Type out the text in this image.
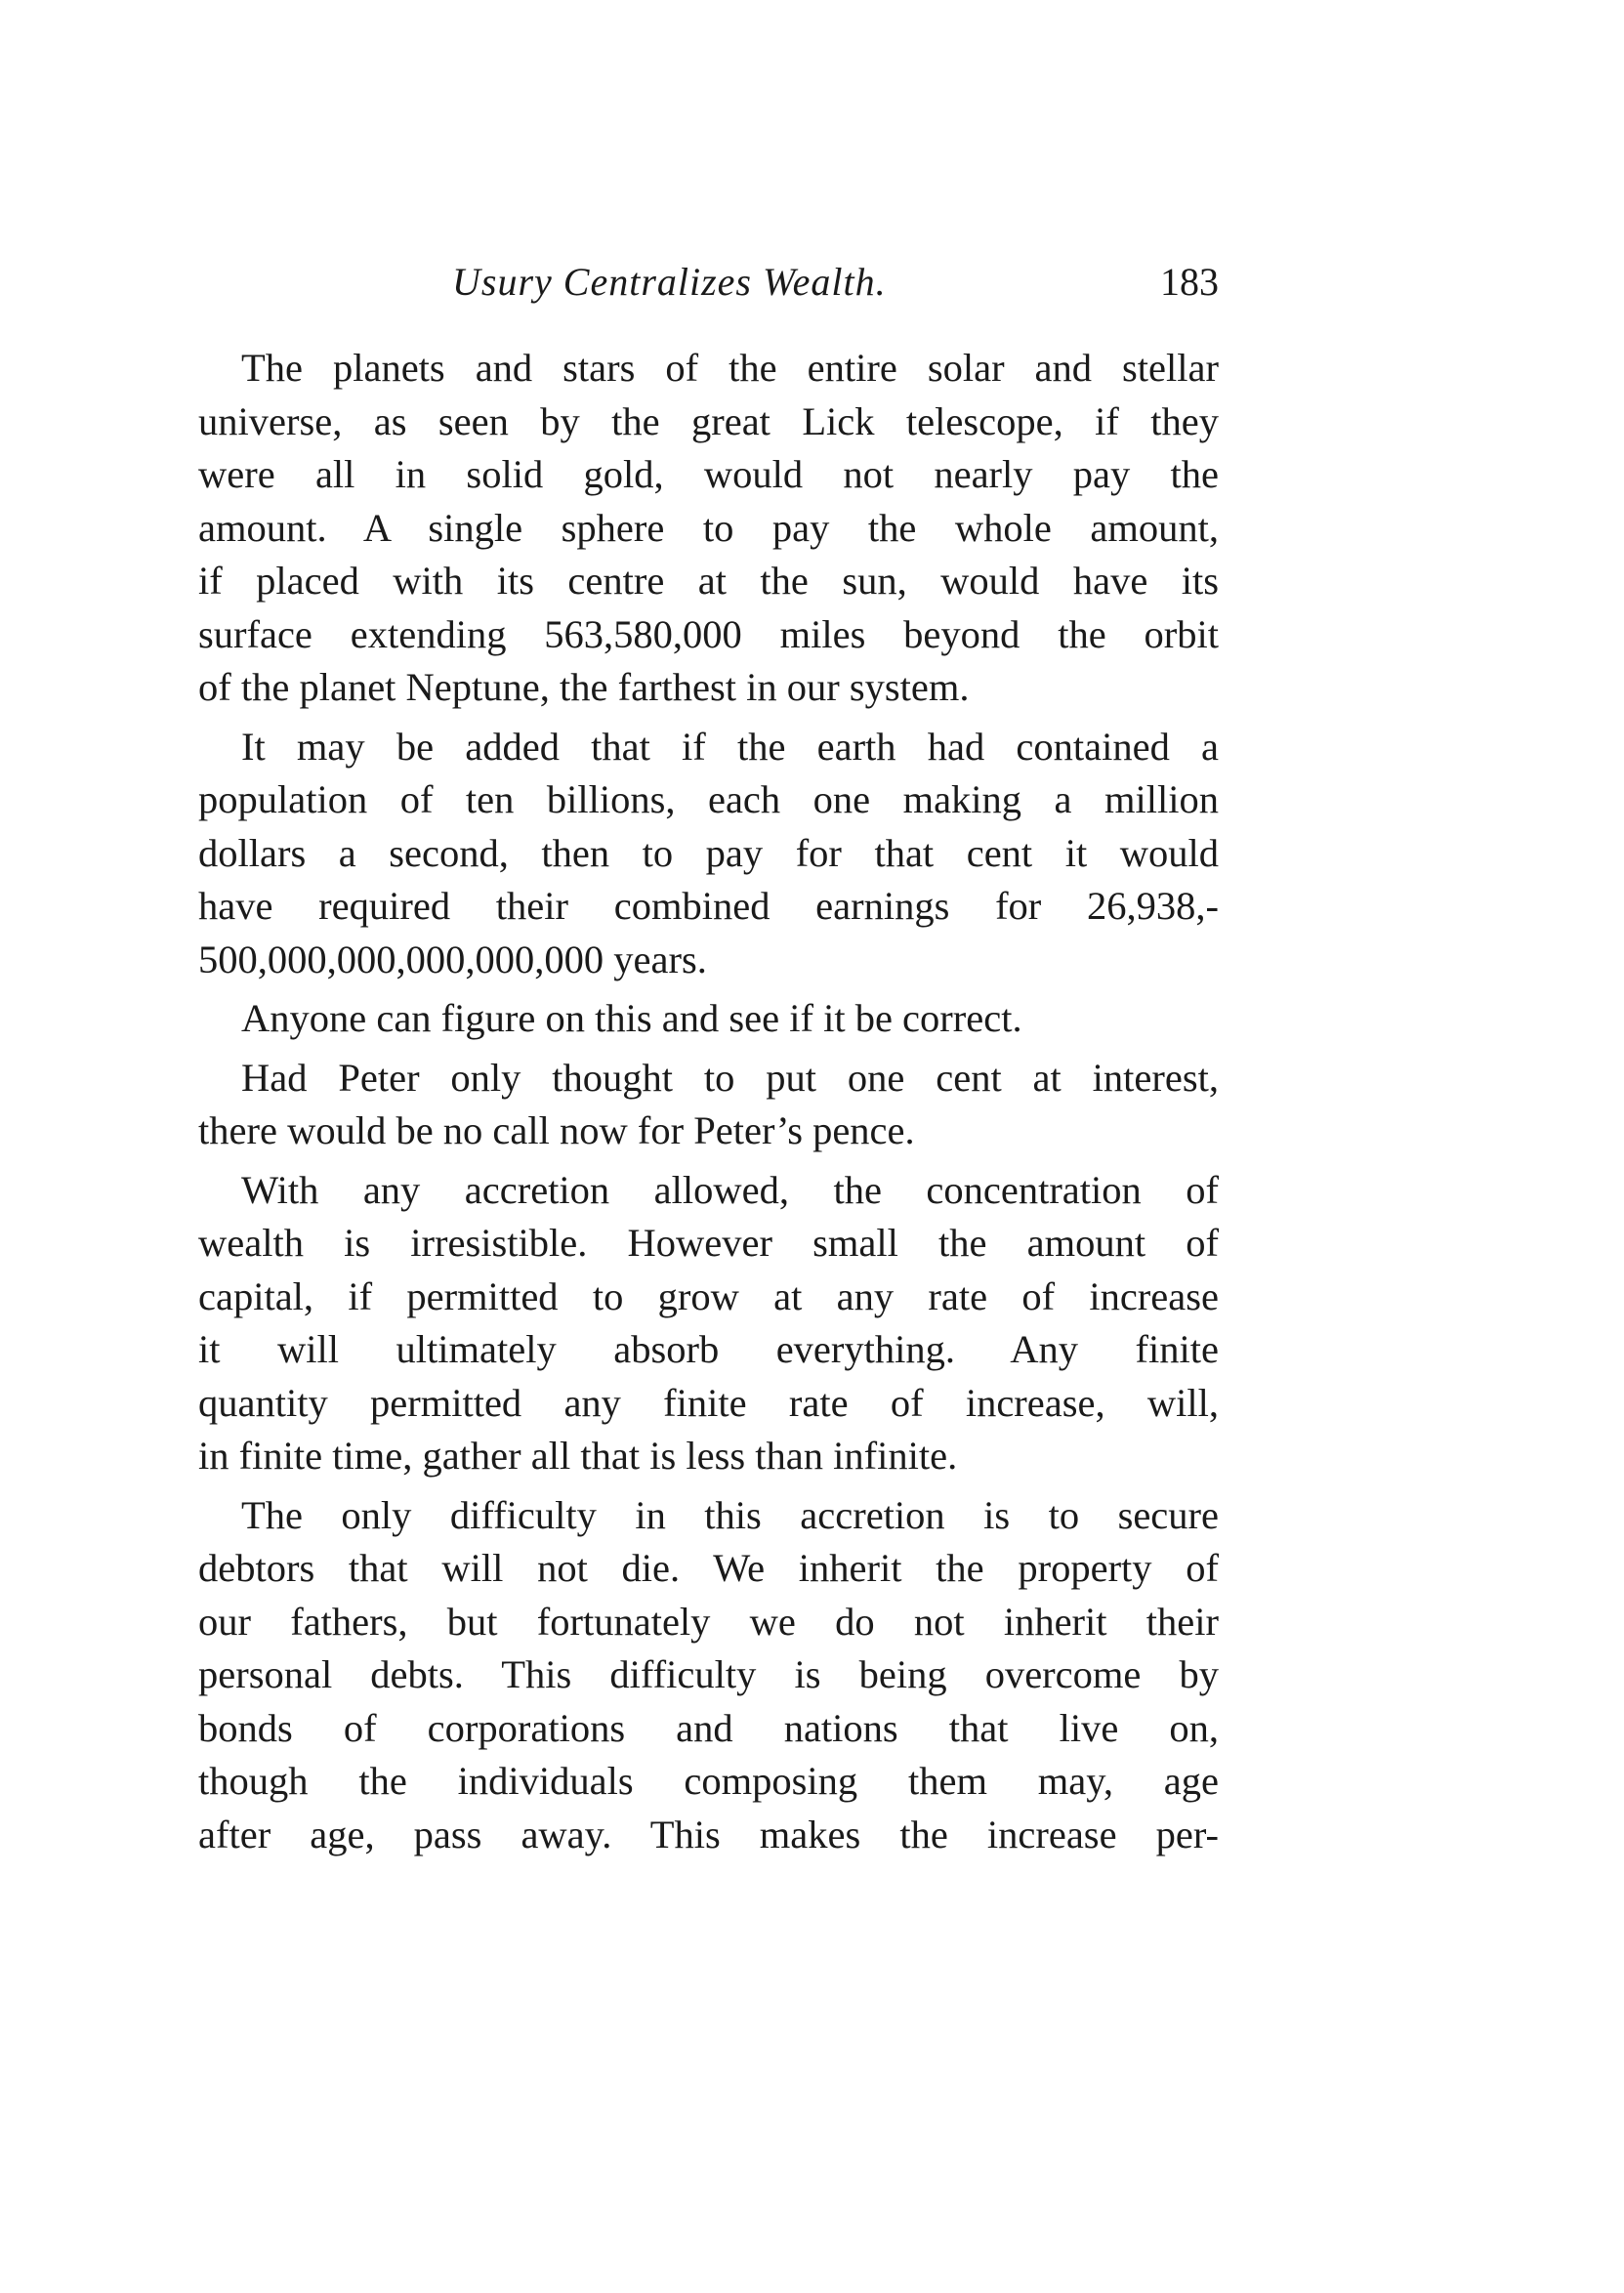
Usury Centralizes Wealth.	183
The planets and stars of the entire solar and stellar
universe, as seen by the great Lick telescope, if they
were all in solid gold, would not nearly pay the
amount. A single sphere to pay the whole amount,
if placed with its centre at the sun, would have its
surface extending 563,580,000 miles beyond the orbit
of the planet Neptune, the farthest in our system.
It may be added that if the earth had contained a
population of ten billions, each one making a million
dollars a second, then to pay for that cent it would
have required their combined earnings for 26,938,-
500,000,000,000,000,000 years.
Anyone can figure on this and see if it be correct.
Had Peter only thought to put one cent at interest,
there would be no call now for Peter’s pence.
With any accretion allowed, the concentration of
wealth is irresistible. However small the amount of
capital, if permitted to grow at any rate of increase
it will ultimately absorb everything. Any finite
quantity permitted any finite rate of increase, will,
in finite time, gather all that is less than infinite.
The only difficulty in this accretion is to secure
debtors that will not die. We inherit the property of
our fathers, but fortunately we do not inherit their
personal debts. This difficulty is being overcome by
bonds of corporations and nations that live on,
though the individuals composing them may, age
after age, pass away. This makes the increase per-
